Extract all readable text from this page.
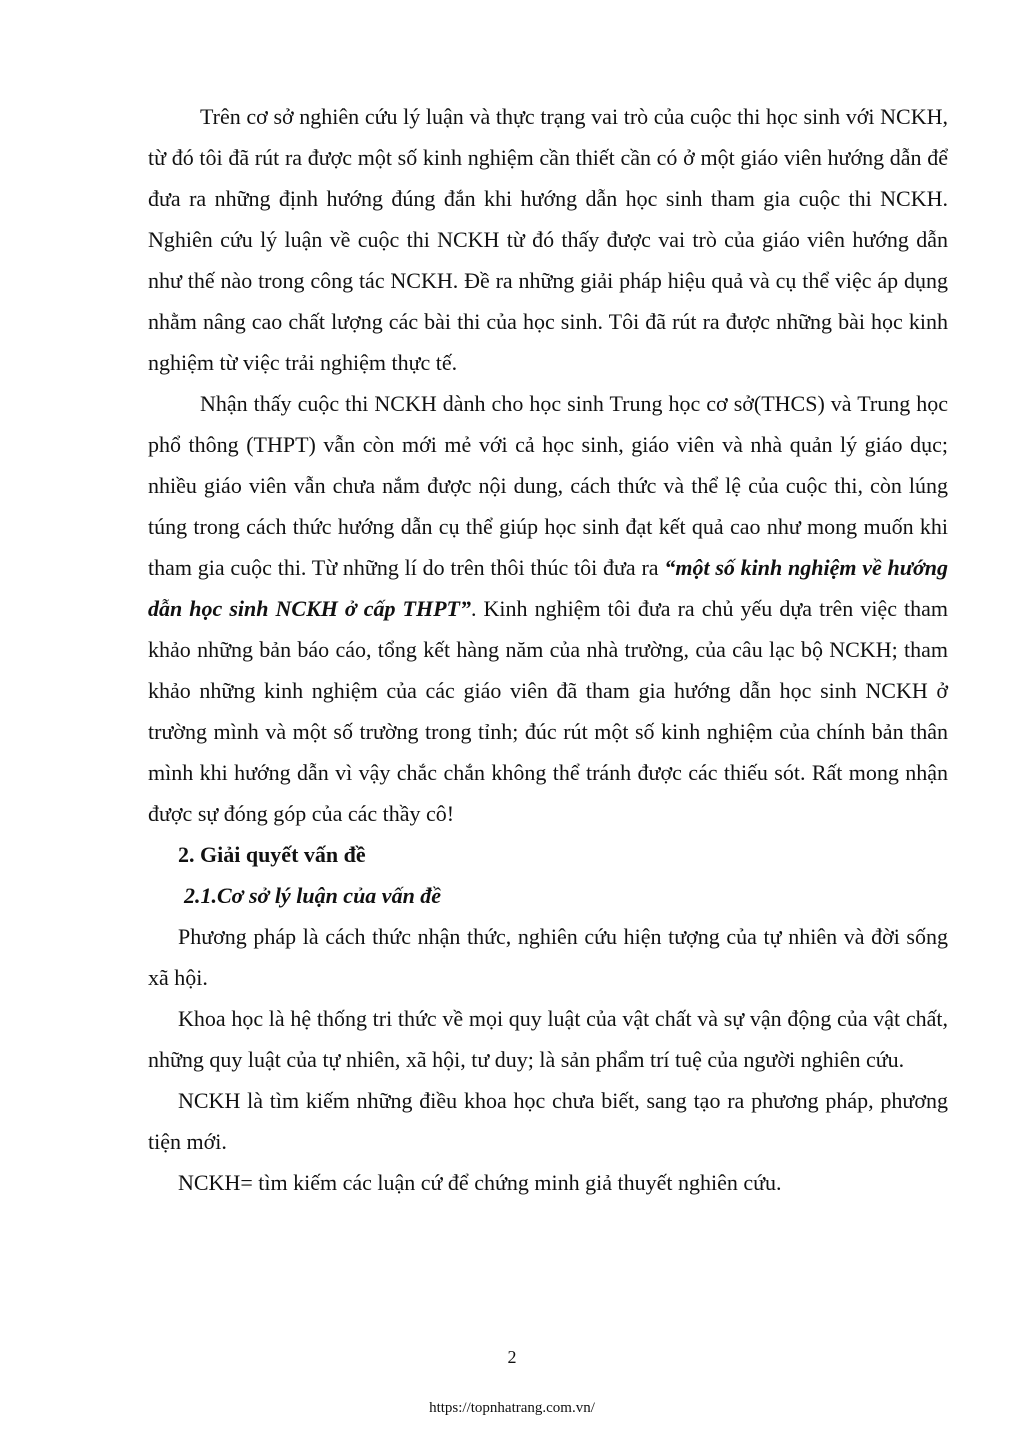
Trên cơ sở nghiên cứu lý luận và thực trạng vai trò của cuộc thi học sinh với NCKH, từ đó tôi đã rút ra được một số kinh nghiệm cần thiết cần có ở một giáo viên hướng dẫn để đưa ra những định hướng đúng đắn khi hướng dẫn học sinh tham gia cuộc thi NCKH. Nghiên cứu lý luận về cuộc thi NCKH từ đó thấy được vai trò của giáo viên hướng dẫn như thế nào trong công tác NCKH. Đề ra những giải pháp hiệu quả và cụ thể việc áp dụng nhằm nâng cao chất lượng các bài thi của học sinh. Tôi đã rút ra được những bài học kinh nghiệm từ việc trải nghiệm thực tế.

Nhận thấy cuộc thi NCKH dành cho học sinh Trung học cơ sở(THCS) và Trung học phổ thông (THPT) vẫn còn mới mẻ với cả học sinh, giáo viên và nhà quản lý giáo dục; nhiều giáo viên vẫn chưa nắm được nội dung, cách thức và thể lệ của cuộc thi, còn lúng túng trong cách thức hướng dẫn cụ thể giúp học sinh đạt kết quả cao như mong muốn khi tham gia cuộc thi. Từ những lí do trên thôi thúc tôi đưa ra “một số kinh nghiệm về hướng dẫn học sinh NCKH ở cấp THPT”. Kinh nghiệm tôi đưa ra chủ yếu dựa trên việc tham khảo những bản báo cáo, tổng kết hàng năm của nhà trường, của câu lạc bộ NCKH; tham khảo những kinh nghiệm của các giáo viên đã tham gia hướng dẫn học sinh NCKH ở trường mình và một số trường trong tỉnh; đúc rút một số kinh nghiệm của chính bản thân mình khi hướng dẫn vì vậy chắc chắn không thể tránh được các thiếu sót. Rất mong nhận được sự đóng góp của các thầy cô!

2. Giải quyết vấn đề

2.1.Cơ sở lý luận của vấn đề

Phương pháp là cách thức nhận thức, nghiên cứu hiện tượng của tự nhiên và đời sống xã hội.

Khoa học là hệ thống tri thức về mọi quy luật của vật chất và sự vận động của vật chất, những quy luật của tự nhiên, xã hội, tư duy; là sản phẩm trí tuệ của người nghiên cứu.

NCKH là tìm kiếm những điều khoa học chưa biết, sang tạo ra phương pháp, phương tiện mới.

NCKH= tìm kiếm các luận cứ để chứng minh giả thuyết nghiên cứu.

2
https://topnhatrang.com.vn/
